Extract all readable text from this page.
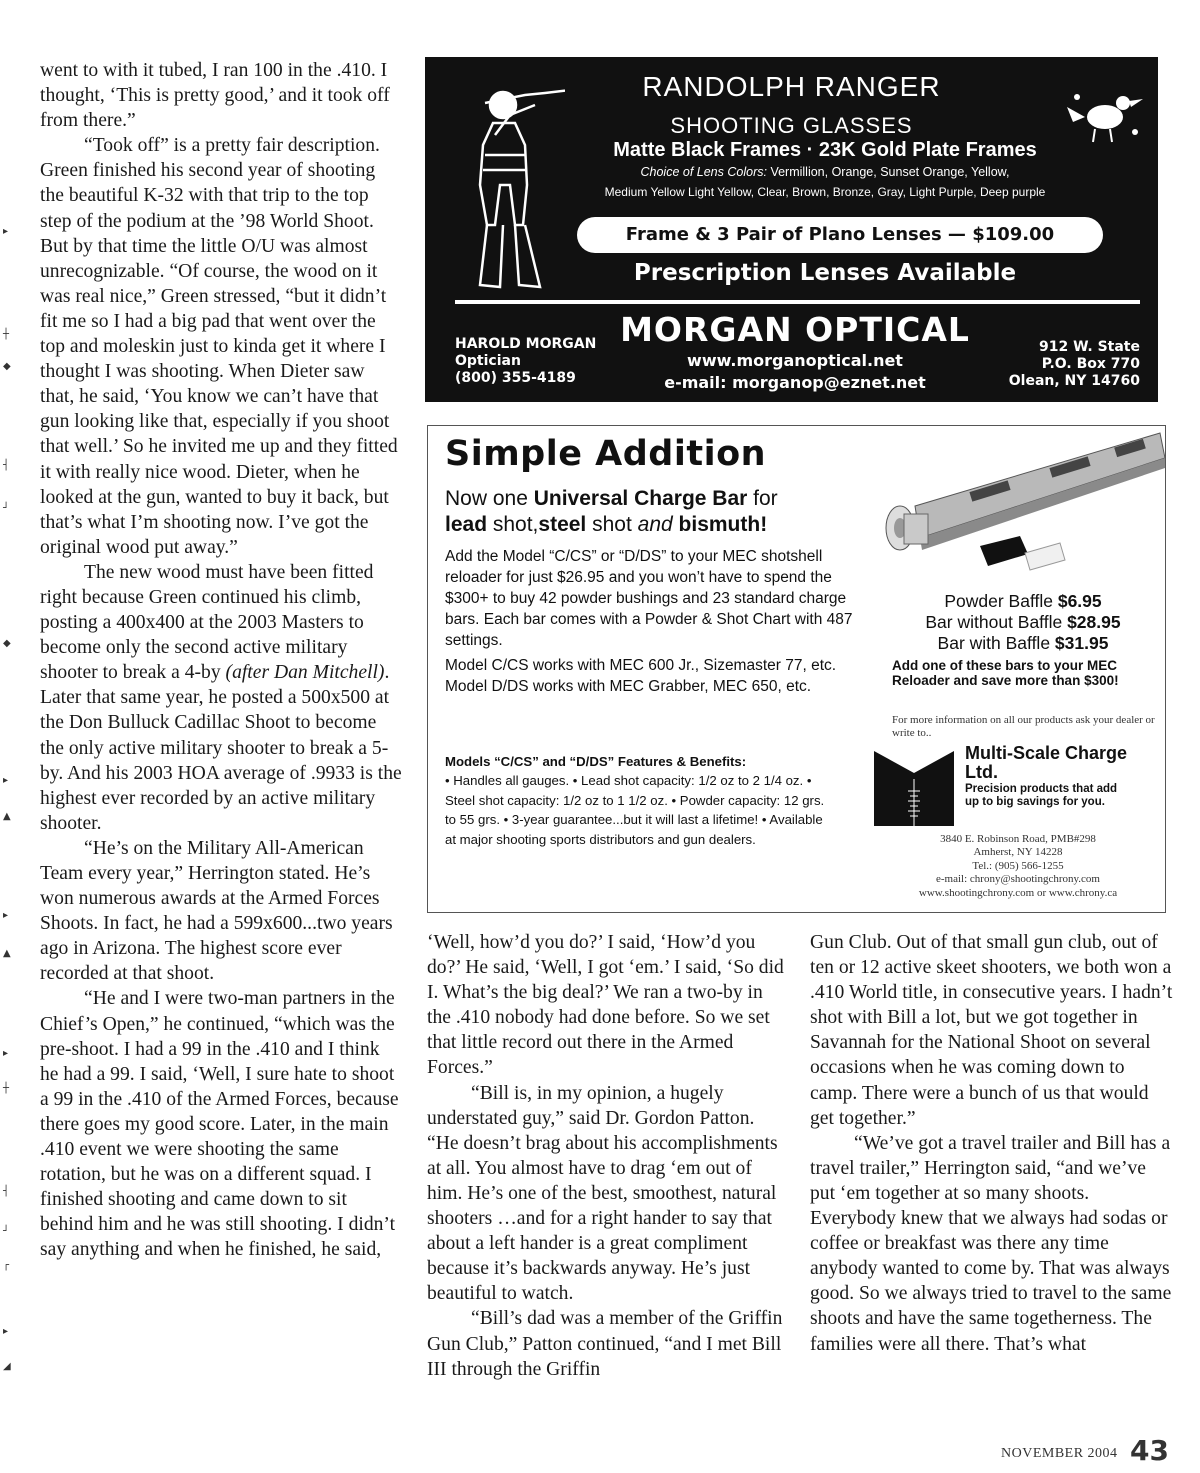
▸
┼
◆
┤
┘
◆
▸
▲
▸
▲
▸
┼
┤
┘
┌
▸
◢

went to with it tubed, I ran 100 in the .410. I thought, ‘This is pretty good,’ and it took off from there.”

“Took off” is a pretty fair description. Green finished his second year of shooting the beautiful K-32 with that trip to the top step of the podium at the ’98 World Shoot. But by that time the little O/U was almost unrecognizable. “Of course, the wood on it was real nice,” Green stressed, “but it didn’t fit me so I had a big pad that went over the top and moleskin just to kinda get it where I thought I was shooting. When Dieter saw that, he said, ‘You know we can’t have that gun looking like that, especially if you shoot that well.’ So he invited me up and they fitted it with really nice wood. Dieter, when he looked at the gun, wanted to buy it back, but that’s what I’m shooting now. I’ve got the original wood put away.”

The new wood must have been fitted right because Green continued his climb, posting a 400x400 at the 2003 Masters to become only the second active military shooter to break a 4-by (after Dan Mitchell). Later that same year, he posted a 500x500 at the Don Bulluck Cadillac Shoot to become the only active military shooter to break a 5-by. And his 2003 HOA average of .9933 is the highest ever recorded by an active military shooter.

“He’s on the Military All-American Team every year,” Herrington stated. He’s won numerous awards at the Armed Forces Shoots. In fact, he had a 599x600...two years ago in Arizona. The highest score ever recorded at that shoot.

“He and I were two-man partners in the Chief’s Open,” he continued, “which was the pre-shoot. I had a 99 in the .410 and I think he had a 99. I said, ‘Well, I sure hate to shoot a 99 in the .410 of the Armed Forces, because there goes my good score. Later, in the main .410 event we were shooting the same rotation, but he was on a different squad. I finished shooting and came down to sit behind him and he was still shooting. I didn’t say anything and when he finished, he said,

‘Well, how’d you do?’ I said, ‘How’d you do?’ He said, ‘Well, I got ‘em.’ I said, ‘So did I. What’s the big deal?’ We ran a two-by in the .410 nobody had done before. So we set that little record out there in the Armed Forces.”

“Bill is, in my opinion, a hugely understated guy,” said Dr. Gordon Patton. “He doesn’t brag about his accomplishments at all. You almost have to drag ‘em out of him. He’s one of the best, smoothest, natural shooters …and for a right hander to say that about a left hander is a great compliment because it’s backwards anyway. He’s just beautiful to watch.

“Bill’s dad was a member of the Griffin Gun Club,” Patton continued, “and I met Bill III through the Griffin

Gun Club. Out of that small gun club, out of ten or 12 active skeet shooters, we both won a .410 World title, in consecutive years. I hadn’t shot with Bill a lot, but we got together in Savannah for the National Shoot on several occasions when he was coming down to camp. There were a bunch of us that would get together.”

“We’ve got a travel trailer and Bill has a travel trailer,” Herrington said, “and we’ve put ‘em together at so many shoots. Everybody knew that we always had sodas or coffee or breakfast was there any time anybody wanted to come by. That was always good. So we always tried to travel to the same shoots and have the same togetherness. The families were all there. That’s what

RANDOLPH RANGER
SHOOTING GLASSES
Matte Black Frames · 23K Gold Plate Frames
Choice of Lens Colors: Vermillion, Orange, Sunset Orange, Yellow,
Medium Yellow Light Yellow, Clear, Brown, Bronze, Gray, Light Purple, Deep purple
Frame & 3 Pair of Plano Lenses — $109.00
Prescription Lenses Available
MORGAN OPTICAL
www.morganoptical.net
e-mail: morganop@eznet.net
HAROLD MORGAN
Optician
(800) 355-4189
912 W. State
P.O. Box 770
Olean, NY 14760
Simple Addition
Now one Universal Charge Bar for
lead shot,steel shot and bismuth!

Add the Model “C/CS” or “D/DS” to your MEC shotshell reloader for just $26.95 and you won’t have to spend the $300+ to buy 42 powder bushings and 23 standard charge bars. Each bar comes with a Powder & Shot Chart with 487 settings.

Model C/CS works with MEC 600 Jr., Sizemaster 77, etc. Model D/DS works with MEC Grabber, MEC 650, etc.

Models “C/CS” and “D/DS” Features & Benefits:
• Handles all gauges. • Lead shot capacity: 1/2 oz to 2 1/4 oz. • Steel shot capacity: 1/2 oz to 1 1/2 oz. • Powder capacity: 12 grs. to 55 grs. • 3-year guarantee...but it will last a lifetime! • Available at major shooting sports distributors and gun dealers.
Powder Baffle $6.95
Bar without Baffle $28.95
Bar with Baffle $31.95
Add one of these bars to your MEC Reloader and save more than $300!
For more information on all our products ask your dealer or write to..
Multi-Scale Charge Ltd.
Precision products that add up to big savings for you.
3840 E. Robinson Road, PMB#298
Amherst, NY 14228
Tel.: (905) 566-1255
e-mail: chrony@shootingchrony.com
www.shootingchrony.com or www.chrony.ca
NOVEMBER 2004 43
